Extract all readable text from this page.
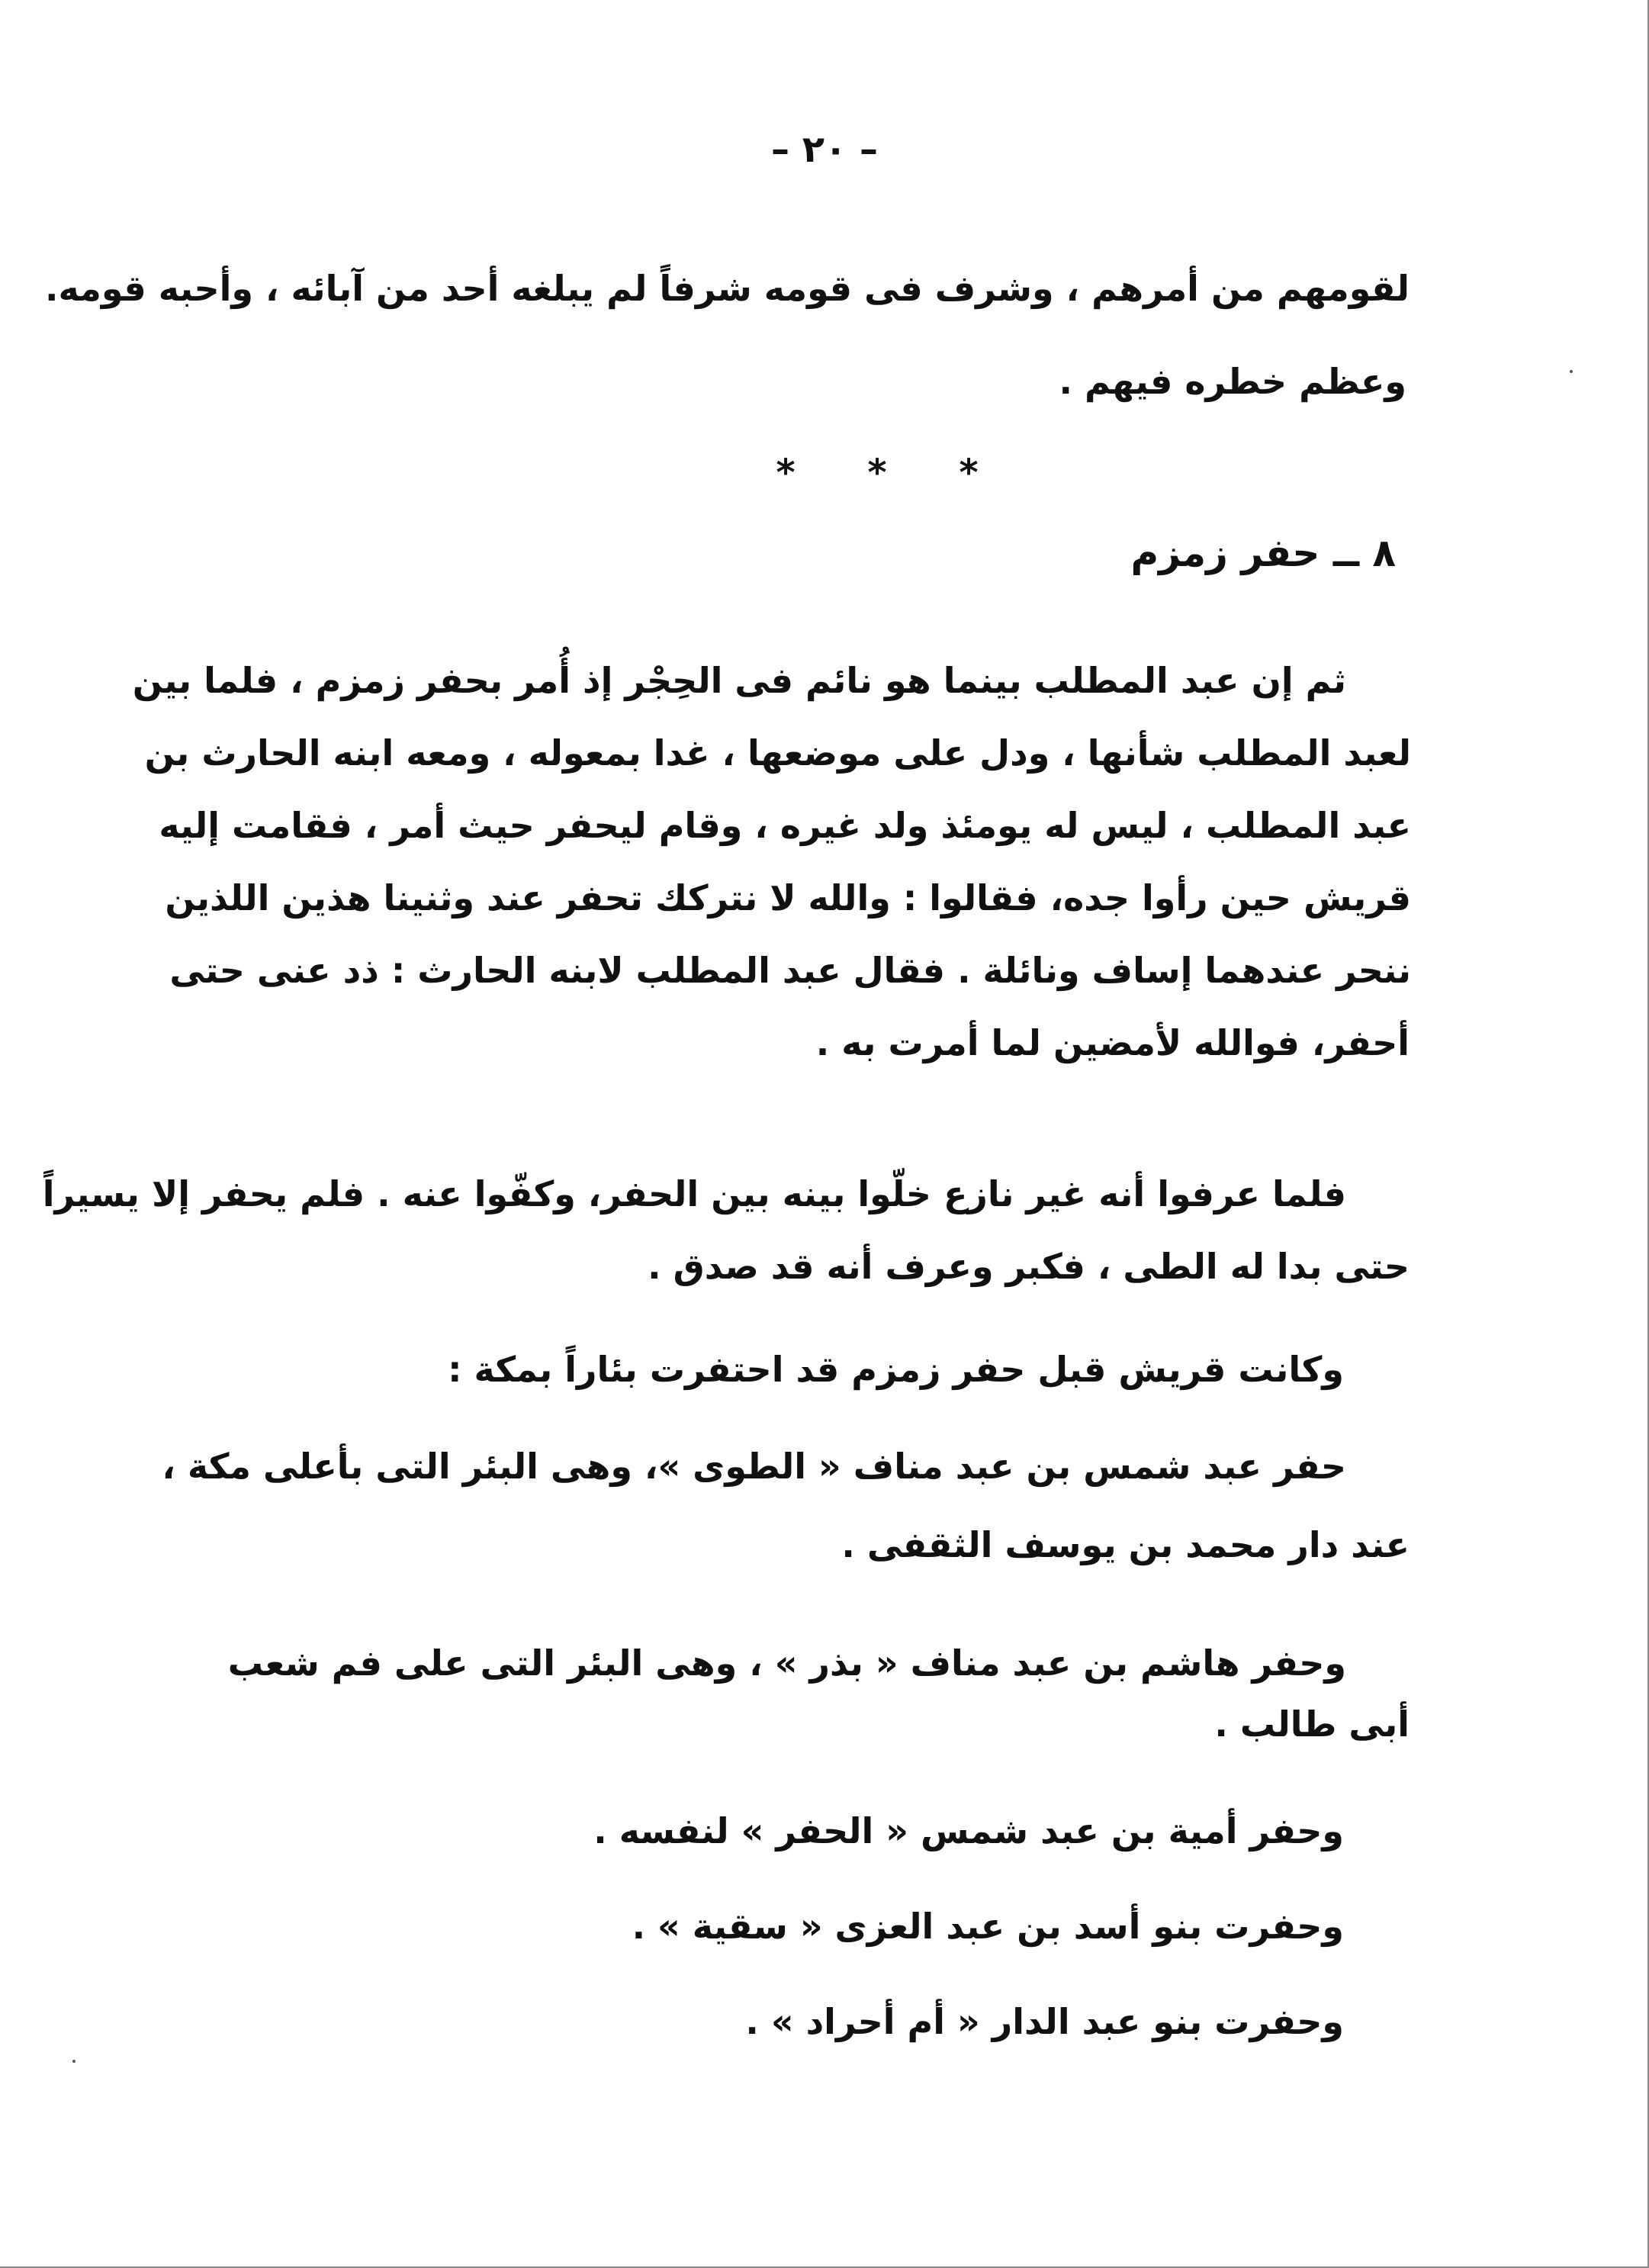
– ٢٠ –
لقومهم من أمرهم ، وشرف فى قومه شرفاً لم يبلغه أحد من آبائه ، وأحبه قومه.
وعظم خطره فيهم .
* * *
٨ ــ حفر زمزم
ثم إن عبد المطلب بينما هو نائم فى الحِجْر إذ أُمر بحفر زمزم ، فلما بين
لعبد المطلب شأنها ، ودل على موضعها ، غدا بمعوله ، ومعه ابنه الحارث بن
عبد المطلب ، ليس له يومئذ ولد غيره ، وقام ليحفر حيث أمر ، فقامت إليه
قريش حين رأوا جده، فقالوا : والله لا نتركك تحفر عند وثنينا هذين اللذين
ننحر عندهما إساف ونائلة . فقال عبد المطلب لابنه الحارث : ذد عنى حتى
أحفر، فوالله لأمضين لما أمرت به .
فلما عرفوا أنه غير نازع خلّوا بينه بين الحفر، وكفّوا عنه . فلم يحفر إلا يسيراً
حتى بدا له الطى ، فكبر وعرف أنه قد صدق .
وكانت قريش قبل حفر زمزم قد احتفرت بئاراً بمكة :
حفر عبد شمس بن عبد مناف « الطوى »، وهى البئر التى بأعلى مكة ،
عند دار محمد بن يوسف الثقفى .
وحفر هاشم بن عبد مناف « بذر » ، وهى البئر التى على فم شعب
أبى طالب .
وحفر أمية بن عبد شمس « الحفر » لنفسه .
وحفرت بنو أسد بن عبد العزى « سقية » .
وحفرت بنو عبد الدار « أم أحراد » .
